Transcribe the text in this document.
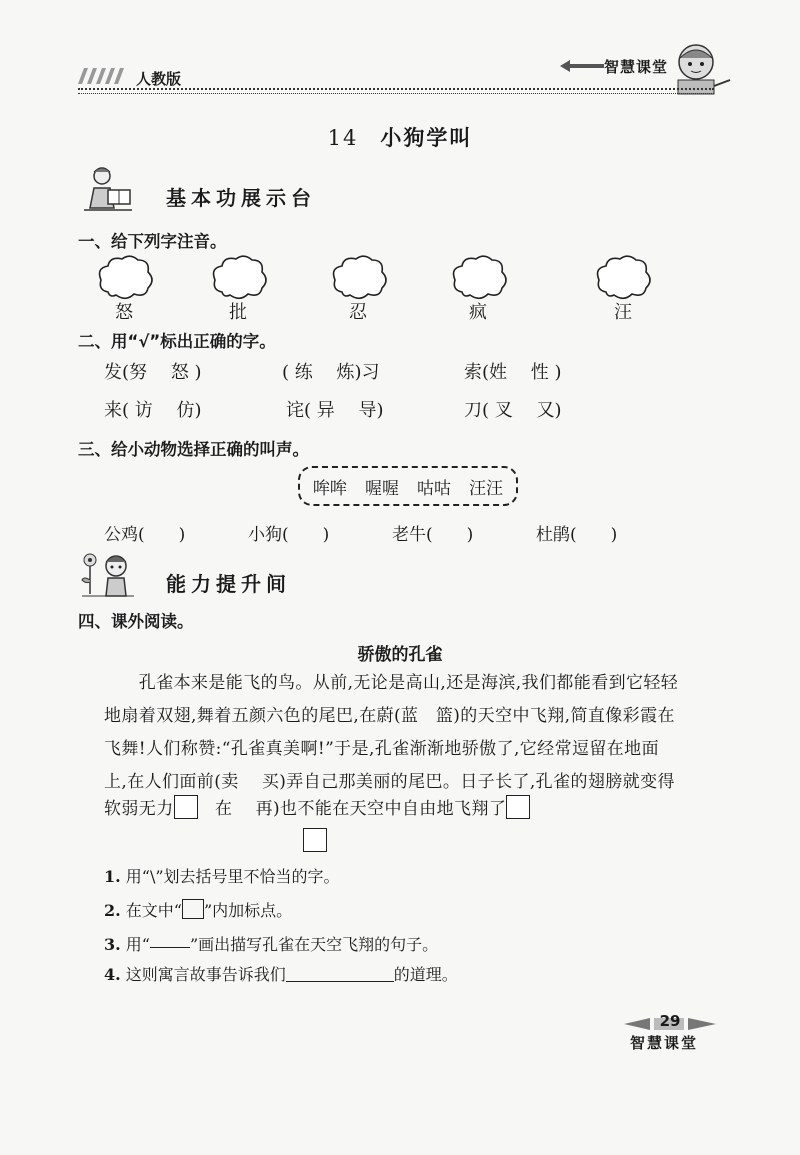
人教版
智慧课堂
14 小狗学叫
基本功展示台
一、给下列字注音。
怒	批	忍	疯	汪
二、用“√”标出正确的字。
发(努　 怒 )	( 练　 炼)习	索(姓　 性 )
来( 访　 仿)	诧( 异　 导)	刀( 叉　 又)
三、给小动物选择正确的叫声。
哞哞 喔喔 咕咕 汪汪
公鸡(　　)	小狗(　　)	老牛(　　)	杜鹃(　　)
能力提升间
四、课外阅读。
骄傲的孔雀
　　孔雀本来是能飞的鸟。从前,无论是高山,还是海滨,我们都能看到它轻轻
地扇着双翅,舞着五颜六色的尾巴,在蔚(蓝　篮)的天空中飞翔,简直像彩霞在
飞舞!人们称赞:“孔雀真美啊!”于是,孔雀渐渐地骄傲了,它经常逗留在地面
上,在人们面前(卖　 买)弄自己那美丽的尾巴。日子长了,孔雀的翅膀就变得
软弱无力　在　 再)也不能在天空中自由地飞翔了
1. 用“\”划去括号里不恰当的字。
2. 在文中“ ”内加标点。
3. 用“	”画出描写孔雀在天空飞翔的句子。
4. 这则寓言故事告诉我们	的道理。
29
智慧课堂
